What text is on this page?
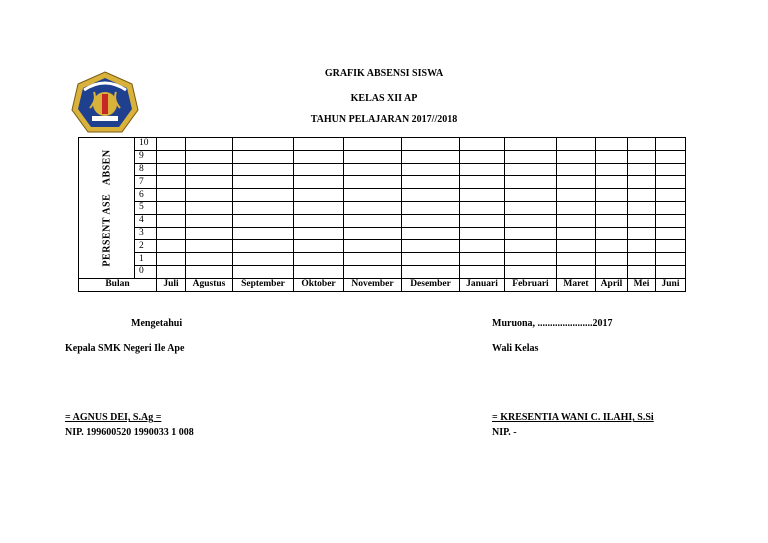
GRAFIK ABSENSI SISWA
KELAS XII AP
TAHUN PELAJARAN 2017//2018
PERSENT ASE   ABSEN	10												
	9												
	8												
	7												
	6												
	5												
	4												
	3												
	2												
	1												
	0												
Bulan		Juli	Agustus	September	Oktober	November	Desember	Januari	Februari	Maret	April	Mei	Juni
Mengetahui
Kepala SMK Negeri Ile Ape
= AGNUS DEI, S.Ag =
NIP. 199600520 1990033 1 008
Muruona, ......................2017
Wali Kelas
= KRESENTIA WANI C. ILAHI, S.Si
NIP. -
